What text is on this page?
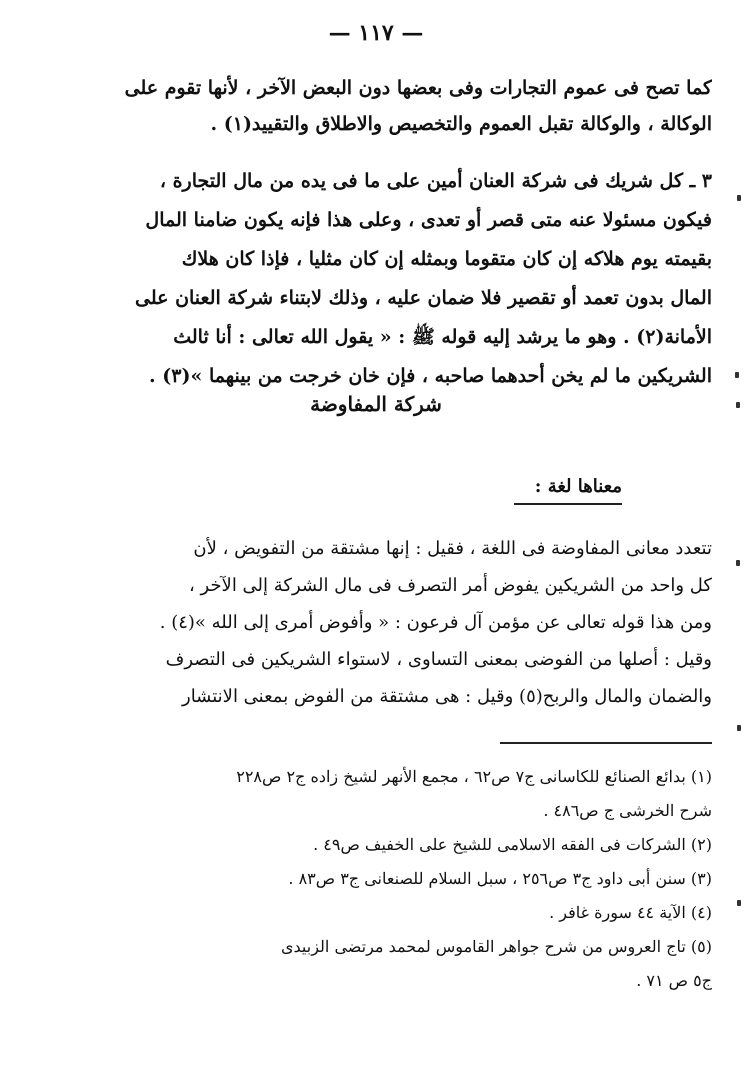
— ١١٧ —
كما تصح فى عموم التجارات وفى بعضها دون البعض الآخر ، لأنها تقوم على
الوكالة ، والوكالة تقبل العموم والتخصيص والاطلاق والتقييد(١) .
٣ ـ كل شريك فى شركة العنان أمين على ما فى يده من مال التجارة ،
فيكون مسئولا عنه متى قصر أو تعدى ، وعلى هذا فإنه يكون ضامنا المال
بقيمته يوم هلاكه إن كان متقوما وبمثله إن كان مثليا ، فإذا كان هلاك
المال بدون تعمد أو تقصير فلا ضمان عليه ، وذلك لابتناء شركة العنان على
الأمانة(٢) . وهو ما يرشد إليه قوله ﷺ : « يقول الله تعالى : أنا ثالث
الشريكين ما لم يخن أحدهما صاحبه ، فإن خان خرجت من بينهما »(٣) .
شركة المفاوضة
معناها لغة :
تتعدد معانى المفاوضة فى اللغة ، فقيل : إنها مشتقة من التفويض ، لأن
كل واحد من الشريكين يفوض أمر التصرف فى مال الشركة إلى الآخر ،
ومن هذا قوله تعالى عن مؤمن آل فرعون : « وأفوض أمرى إلى الله »(٤) .
وقيل : أصلها من الفوضى بمعنى التساوى ، لاستواء الشريكين فى التصرف
والضمان والمال والربح(٥) وقيل : هى مشتقة من الفوض بمعنى الانتشار
(١) بدائع الصنائع للكاسانى ج٧ ص٦٢ ، مجمع الأنهر لشيخ زاده ج٢ ص٢٢٨
شرح الخرشى ج ص٤٨٦ .
(٢) الشركات فى الفقه الاسلامى للشيخ على الخفيف ص٤٩ .
(٣) سنن أبى داود ج٣ ص٢٥٦ ، سبل السلام للصنعانى ج٣ ص٨٣ .
(٤) الآية ٤٤ سورة غافر .
(٥) تاج العروس من شرح جواهر القاموس لمحمد مرتضى الزبيدى
ج٥ ص ٧١ .
